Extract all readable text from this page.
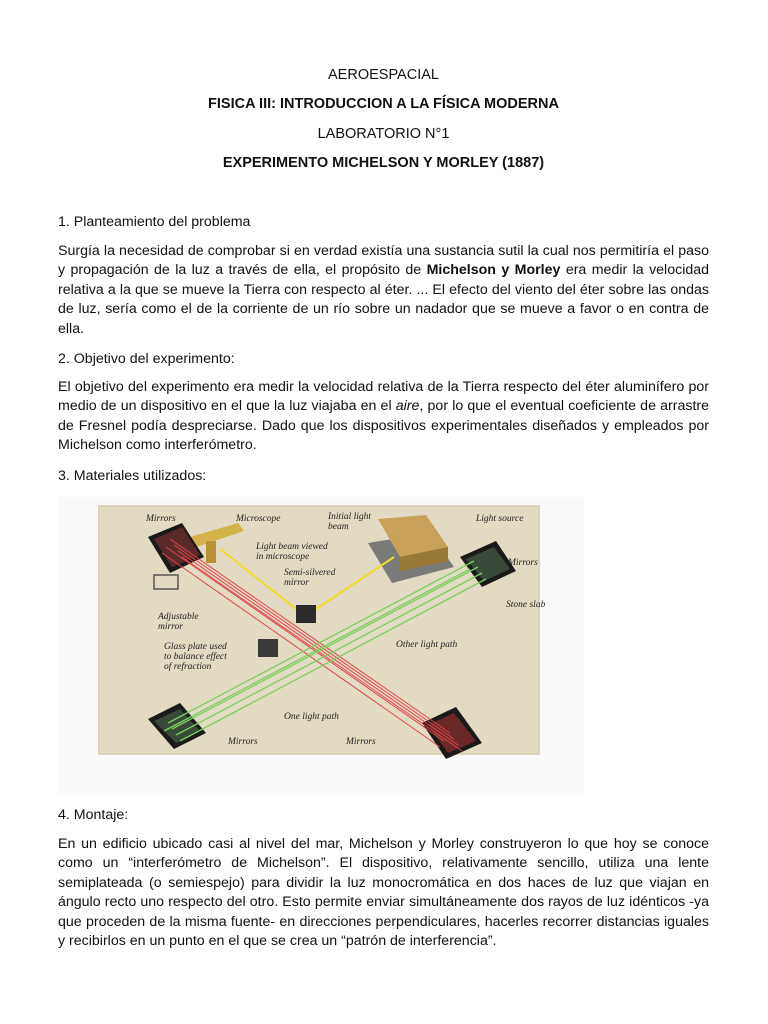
AEROESPACIAL

FISICA III: INTRODUCCION A LA FÍSICA MODERNA

LABORATORIO N°1

EXPERIMENTO MICHELSON Y MORLEY (1887)

1. Planteamiento del problema

Surgía la necesidad de comprobar si en verdad existía una sustancia sutil la cual nos permitiría el paso y propagación de la luz a través de ella, el propósito de Michelson y Morley era medir la velocidad relativa a la que se mueve la Tierra con respecto al éter. ... El efecto del viento del éter sobre las ondas de luz, sería como el de la corriente de un río sobre un nadador que se mueve a favor o en contra de ella.

2. Objetivo del experimento:

El objetivo del experimento era medir la velocidad relativa de la Tierra respecto del éter aluminífero por medio de un dispositivo en el que la luz viajaba en el aire, por lo que el eventual coeficiente de arrastre de Fresnel podía despreciarse. Dado que los dispositivos experimentales diseñados y empleados por Michelson como interferómetro.

3. Materiales utilizados:

Mirrors	Microscope	Initial light
beam
Light source
Light beam viewed
in microscope
Semi-silvered
mirror
Mirrors
Stone slab
Adjustable
mirror
Glass plate used
to balance effect
of refraction
Other light path
One light path
Mirrors	Mirrors

4. Montaje:

En un edificio ubicado casi al nivel del mar, Michelson y Morley construyeron lo que hoy se conoce como un “interferómetro de Michelson”. El dispositivo, relativamente sencillo, utiliza una lente semiplateada (o semiespejo) para dividir la luz monocromática en dos haces de luz que viajan en ángulo recto uno respecto del otro. Esto permite enviar simultáneamente dos rayos de luz idénticos -ya que proceden de la misma fuente- en direcciones perpendiculares, hacerles recorrer distancias iguales y recibirlos en un punto en el que se crea un “patrón de interferencia”.
